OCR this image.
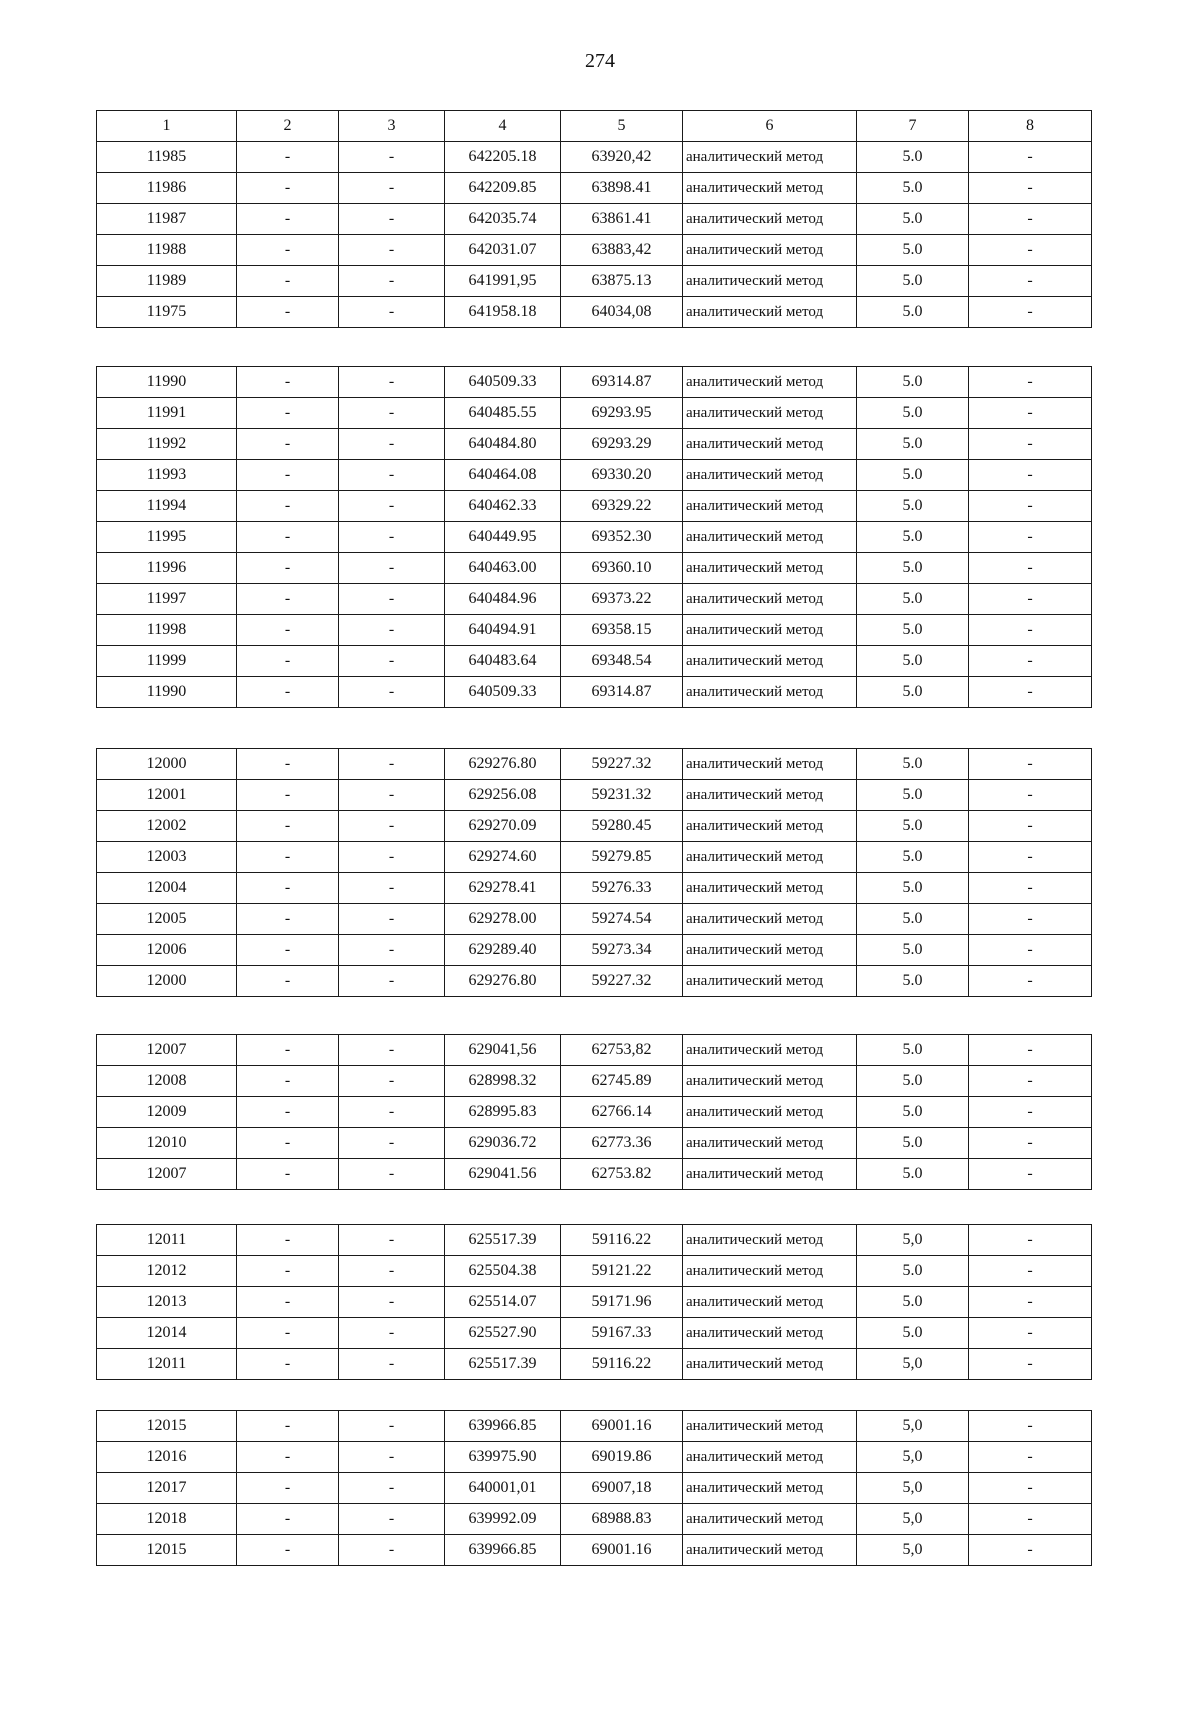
274
1	2	3	4	5	6	7	8
11985	-	-	642205.18	63920,42	аналитический метод	5.0	-
11986	-	-	642209.85	63898.41	аналитический метод	5.0	-
11987	-	-	642035.74	63861.41	аналитический метод	5.0	-
11988	-	-	642031.07	63883,42	аналитический метод	5.0	-
11989	-	-	641991,95	63875.13	аналитический метод	5.0	-
11975	-	-	641958.18	64034,08	аналитический метод	5.0	-
11990	-	-	640509.33	69314.87	аналитический метод	5.0	-
11991	-	-	640485.55	69293.95	аналитический метод	5.0	-
11992	-	-	640484.80	69293.29	аналитический метод	5.0	-
11993	-	-	640464.08	69330.20	аналитический метод	5.0	-
11994	-	-	640462.33	69329.22	аналитический метод	5.0	-
11995	-	-	640449.95	69352.30	аналитический метод	5.0	-
11996	-	-	640463.00	69360.10	аналитический метод	5.0	-
11997	-	-	640484.96	69373.22	аналитический метод	5.0	-
11998	-	-	640494.91	69358.15	аналитический метод	5.0	-
11999	-	-	640483.64	69348.54	аналитический метод	5.0	-
11990	-	-	640509.33	69314.87	аналитический метод	5.0	-
12000	-	-	629276.80	59227.32	аналитический метод	5.0	-
12001	-	-	629256.08	59231.32	аналитический метод	5.0	-
12002	-	-	629270.09	59280.45	аналитический метод	5.0	-
12003	-	-	629274.60	59279.85	аналитический метод	5.0	-
12004	-	-	629278.41	59276.33	аналитический метод	5.0	-
12005	-	-	629278.00	59274.54	аналитический метод	5.0	-
12006	-	-	629289.40	59273.34	аналитический метод	5.0	-
12000	-	-	629276.80	59227.32	аналитический метод	5.0	-
12007	-	-	629041,56	62753,82	аналитический метод	5.0	-
12008	-	-	628998.32	62745.89	аналитический метод	5.0	-
12009	-	-	628995.83	62766.14	аналитический метод	5.0	-
12010	-	-	629036.72	62773.36	аналитический метод	5.0	-
12007	-	-	629041.56	62753.82	аналитический метод	5.0	-
12011	-	-	625517.39	59116.22	аналитический метод	5,0	-
12012	-	-	625504.38	59121.22	аналитический метод	5.0	-
12013	-	-	625514.07	59171.96	аналитический метод	5.0	-
12014	-	-	625527.90	59167.33	аналитический метод	5.0	-
12011	-	-	625517.39	59116.22	аналитический метод	5,0	-
12015	-	-	639966.85	69001.16	аналитический метод	5,0	-
12016	-	-	639975.90	69019.86	аналитический метод	5,0	-
12017	-	-	640001,01	69007,18	аналитический метод	5,0	-
12018	-	-	639992.09	68988.83	аналитический метод	5,0	-
12015	-	-	639966.85	69001.16	аналитический метод	5,0	-
